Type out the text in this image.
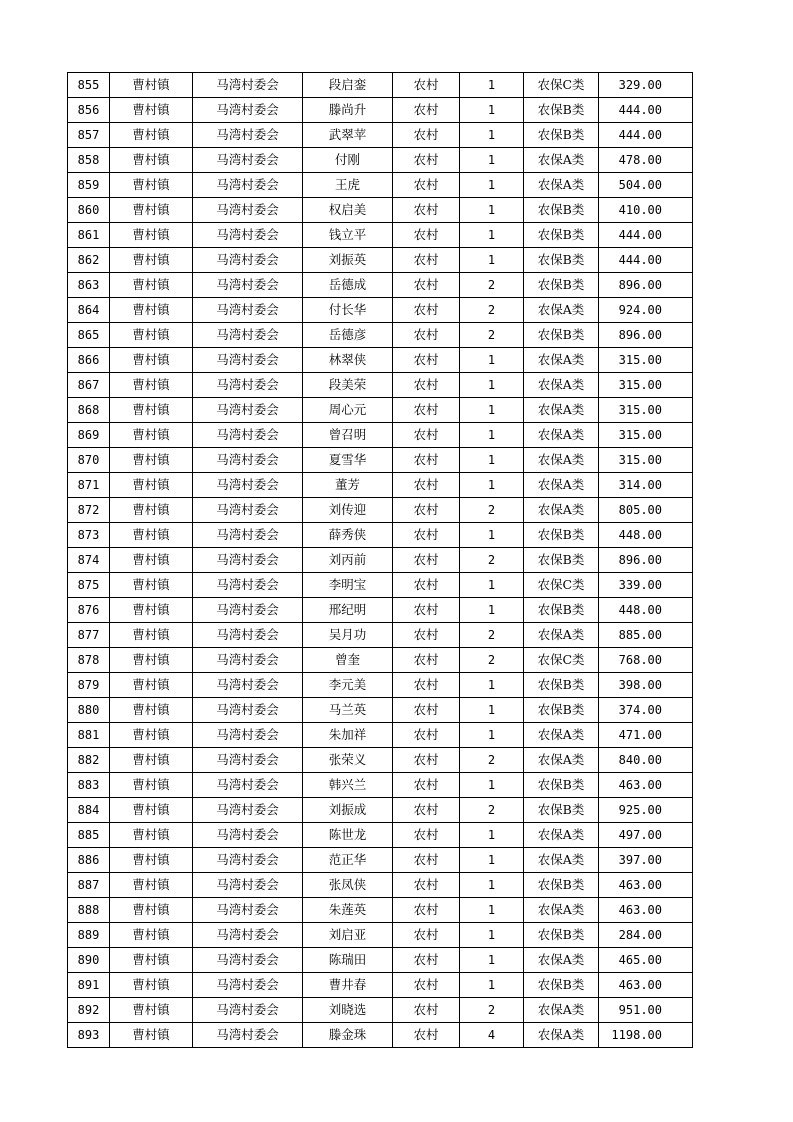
855	曹村镇	马湾村委会	段启銮	农村	1	农保C类	329.00
856	曹村镇	马湾村委会	滕尚升	农村	1	农保B类	444.00
857	曹村镇	马湾村委会	武翠苹	农村	1	农保B类	444.00
858	曹村镇	马湾村委会	付刚	农村	1	农保A类	478.00
859	曹村镇	马湾村委会	王虎	农村	1	农保A类	504.00
860	曹村镇	马湾村委会	权启美	农村	1	农保B类	410.00
861	曹村镇	马湾村委会	钱立平	农村	1	农保B类	444.00
862	曹村镇	马湾村委会	刘振英	农村	1	农保B类	444.00
863	曹村镇	马湾村委会	岳德成	农村	2	农保B类	896.00
864	曹村镇	马湾村委会	付长华	农村	2	农保A类	924.00
865	曹村镇	马湾村委会	岳德彦	农村	2	农保B类	896.00
866	曹村镇	马湾村委会	林翠侠	农村	1	农保A类	315.00
867	曹村镇	马湾村委会	段美荣	农村	1	农保A类	315.00
868	曹村镇	马湾村委会	周心元	农村	1	农保A类	315.00
869	曹村镇	马湾村委会	曾召明	农村	1	农保A类	315.00
870	曹村镇	马湾村委会	夏雪华	农村	1	农保A类	315.00
871	曹村镇	马湾村委会	董芳	农村	1	农保A类	314.00
872	曹村镇	马湾村委会	刘传迎	农村	2	农保A类	805.00
873	曹村镇	马湾村委会	薛秀侠	农村	1	农保B类	448.00
874	曹村镇	马湾村委会	刘丙前	农村	2	农保B类	896.00
875	曹村镇	马湾村委会	李明宝	农村	1	农保C类	339.00
876	曹村镇	马湾村委会	邢纪明	农村	1	农保B类	448.00
877	曹村镇	马湾村委会	吴月功	农村	2	农保A类	885.00
878	曹村镇	马湾村委会	曾奎	农村	2	农保C类	768.00
879	曹村镇	马湾村委会	李元美	农村	1	农保B类	398.00
880	曹村镇	马湾村委会	马兰英	农村	1	农保B类	374.00
881	曹村镇	马湾村委会	朱加祥	农村	1	农保A类	471.00
882	曹村镇	马湾村委会	张荣义	农村	2	农保A类	840.00
883	曹村镇	马湾村委会	韩兴兰	农村	1	农保B类	463.00
884	曹村镇	马湾村委会	刘振成	农村	2	农保B类	925.00
885	曹村镇	马湾村委会	陈世龙	农村	1	农保A类	497.00
886	曹村镇	马湾村委会	范正华	农村	1	农保A类	397.00
887	曹村镇	马湾村委会	张凤侠	农村	1	农保B类	463.00
888	曹村镇	马湾村委会	朱莲英	农村	1	农保A类	463.00
889	曹村镇	马湾村委会	刘启亚	农村	1	农保B类	284.00
890	曹村镇	马湾村委会	陈瑞田	农村	1	农保A类	465.00
891	曹村镇	马湾村委会	曹井春	农村	1	农保B类	463.00
892	曹村镇	马湾村委会	刘晓选	农村	2	农保A类	951.00
893	曹村镇	马湾村委会	滕金珠	农村	4	农保A类	1198.00
